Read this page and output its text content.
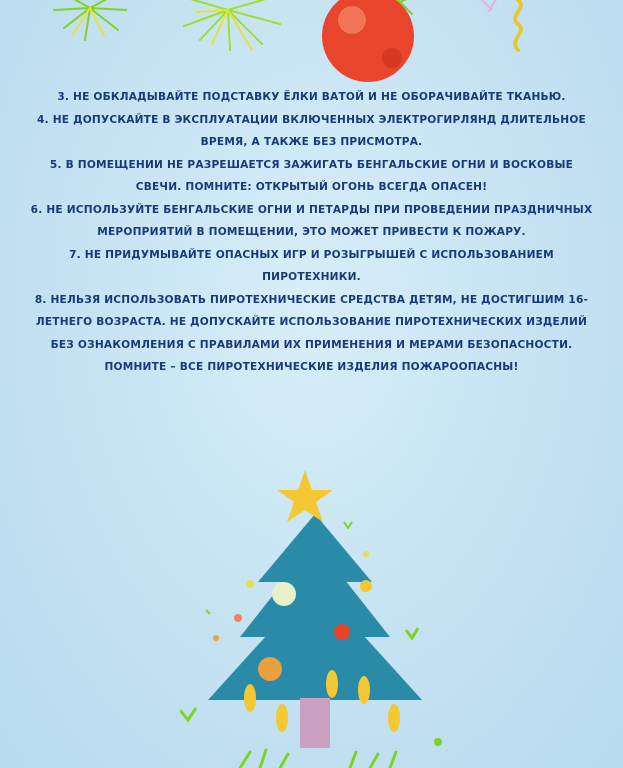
3. НЕ ОБКЛАДЫВАЙТЕ ПОДСТАВКУ ЁЛКИ ВАТОЙ И НЕ ОБОРАЧИВАЙТЕ ТКАНЬЮ.
4. НЕ ДОПУСКАЙТЕ В ЭКСПЛУАТАЦИИ ВКЛЮЧЕННЫХ ЭЛЕКТРОГИРЛЯНД ДЛИТЕЛЬНОЕ ВРЕМЯ, А ТАКЖЕ БЕЗ ПРИСМОТРА.
5. В ПОМЕЩЕНИИ НЕ РАЗРЕШАЕТСЯ ЗАЖИГАТЬ БЕНГАЛЬСКИЕ ОГНИ И ВОСКОВЫЕ СВЕЧИ. ПОМНИТЕ: ОТКРЫТЫЙ ОГОНЬ ВСЕГДА ОПАСЕН!
6. НЕ ИСПОЛЬЗУЙТЕ БЕНГАЛЬСКИЕ ОГНИ И ПЕТАРДЫ ПРИ ПРОВЕДЕНИИ ПРАЗДНИЧНЫХ МЕРОПРИЯТИЙ В ПОМЕЩЕНИИ, ЭТО МОЖЕТ ПРИВЕСТИ К ПОЖАРУ.
7. НЕ ПРИДУМЫВАЙТЕ ОПАСНЫХ ИГР И РОЗЫГРЫШЕЙ С ИСПОЛЬЗОВАНИЕМ ПИРОТЕХНИКИ.
8. НЕЛЬЗЯ ИСПОЛЬЗОВАТЬ ПИРОТЕХНИЧЕСКИЕ СРЕДСТВА ДЕТЯМ, НЕ ДОСТИГШИМ 16- ЛЕТНЕГО ВОЗРАСТА. НЕ ДОПУСКАЙТЕ ИСПОЛЬЗОВАНИЕ ПИРОТЕХНИЧЕСКИХ ИЗДЕЛИЙ БЕЗ ОЗНАКОМЛЕНИЯ С ПРАВИЛАМИ ИХ ПРИМЕНЕНИЯ И МЕРАМИ БЕЗОПАСНОСТИ. ПОМНИТЕ – ВСЕ ПИРОТЕХНИЧЕСКИЕ ИЗДЕЛИЯ ПОЖАРООПАСНЫ!
